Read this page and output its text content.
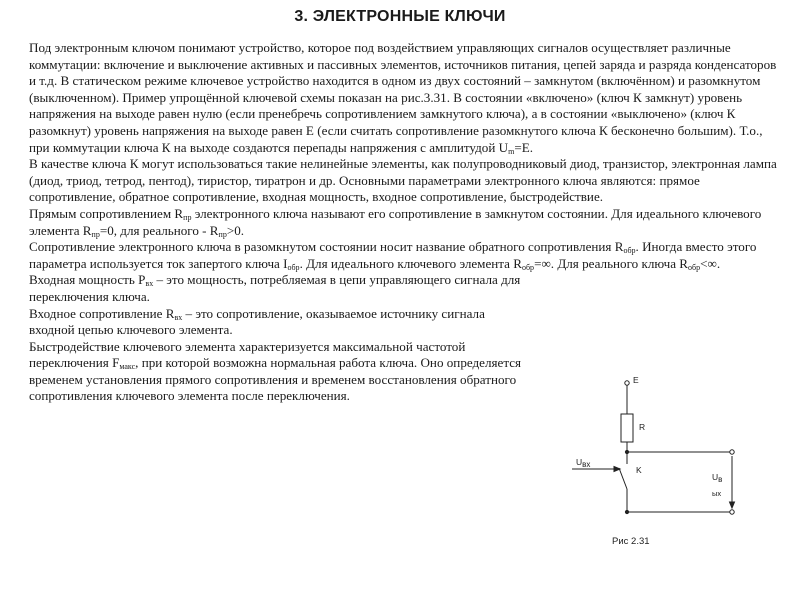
3. ЭЛЕКТРОННЫЕ КЛЮЧИ

Под электронным ключом понимают устройство, которое под воздействием управляющих сигналов осуществляет различные коммутации: включение и выключение активных и пассивных элементов, источников питания, цепей заряда и разряда конденсаторов и т.д. В статическом режиме ключевое устройство находится в одном из двух состояний – замкнутом (включённом) и разомкнутом (выключенном). Пример упрощённой ключевой схемы показан на рис.3.31. В состоянии «включено» (ключ К замкнут) уровень напряжения на выходе равен нулю (если пренебречь сопротивлением замкнутого ключа), а в состоянии «выключено» (ключ К разомкнут) уровень напряжения на выходе равен Е (если считать сопротивление разомкнутого ключа К бесконечно большим). Т.о., при коммутации ключа К на выходе создаются перепады напряжения с амплитудой $U_m=E$.

В качестве ключа К могут использоваться такие нелинейные элементы, как полупроводниковый диод, транзистор, электронная лампа (диод, триод, тетрод, пентод), тиристор, тиратрон и др. Основными параметрами электронного ключа являются: прямое сопротивление, обратное сопротивление, входная мощность, входное сопротивление, быстродействие.

Прямым сопротивлением $R_{пр}$ электронного ключа называют его сопротивление в замкнутом состоянии. Для идеального ключевого элемента $R_{пр}=0$, для реального - $R_{пр}>0$.

Сопротивление электронного ключа в разомкнутом состоянии носит название обратного сопротивления $R_{обр}$. Иногда вместо этого параметра используется ток запертого ключа $I_{обр}$. Для идеального ключевого элемента $R_{обр}=\infty$. Для реального ключа $R_{обр}<\infty$.

Входная мощность $Р_{вх}$ – это мощность, потребляемая в цепи управляющего сигнала для переключения ключа.

Входное сопротивление $R_{вх}$ – это сопротивление, оказываемое источнику сигнала входной цепью ключевого элемента.

Быстродействие ключевого элемента характеризуется максимальной частотой переключения $F_{макс}$, при которой возможна нормальная работа ключа. Оно определяется временем установления прямого сопротивления и временем восстановления обратного сопротивления ключевого элемента после переключения.

E
R
K
$U_{вх}$
$U_в$
ых
Рис 2.31
